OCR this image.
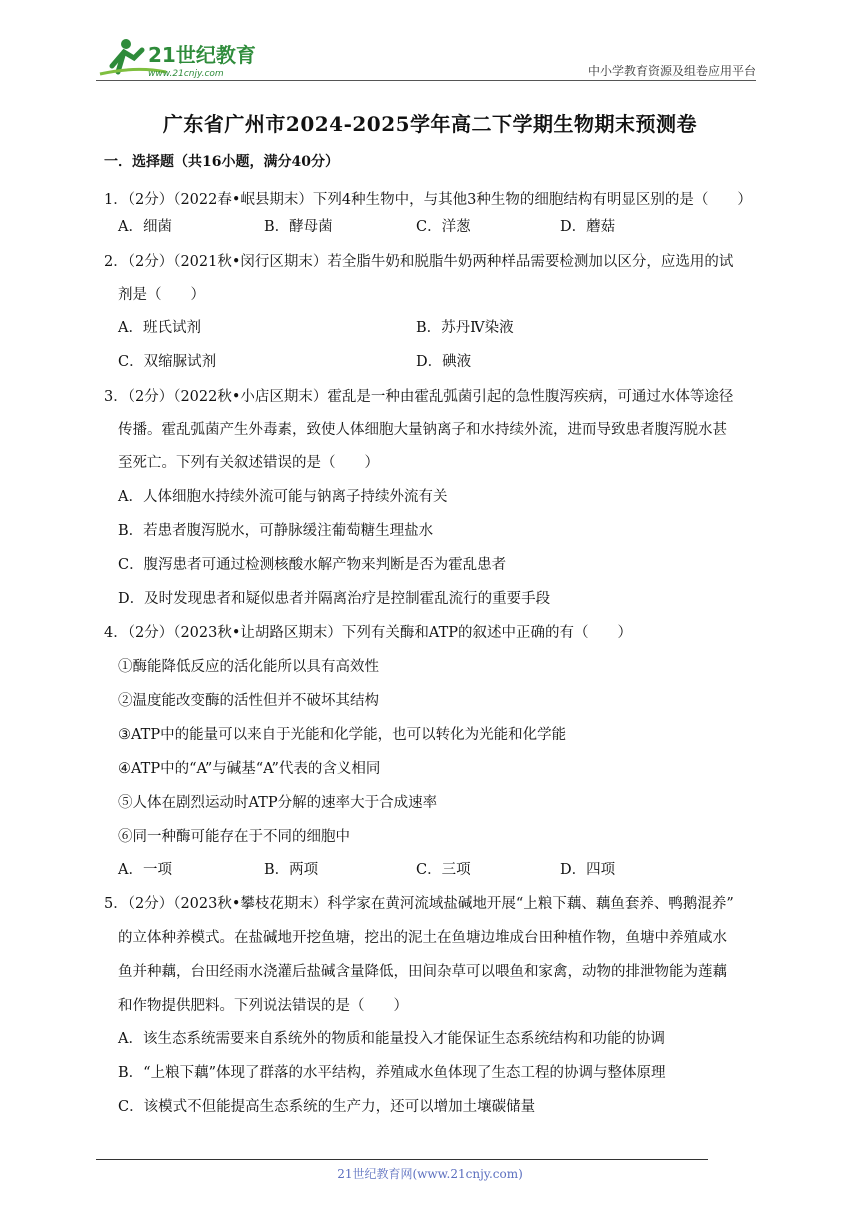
21世纪教育
www.21cnjy.com	中小学教育资源及组卷应用平台
广东省广州市2024-2025学年高二下学期生物期末预测卷
一．选择题（共16小题，满分40分）
1．（2分）（2022春•岷县期末）下列4种生物中，与其他3种生物的细胞结构有明显区别的是（　　）
A．细菌	B．酵母菌	C．洋葱	D．蘑菇
2．（2分）（2021秋•闵行区期末）若全脂牛奶和脱脂牛奶两种样品需要检测加以区分，应选用的试
剂是（　　）
A．班氏试剂	B．苏丹Ⅳ染液
C．双缩脲试剂	D．碘液
3．（2分）（2022秋•小店区期末）霍乱是一种由霍乱弧菌引起的急性腹泻疾病，可通过水体等途径
传播。霍乱弧菌产生外毒素，致使人体细胞大量钠离子和水持续外流，进而导致患者腹泻脱水甚
至死亡。下列有关叙述错误的是（　　）
A．人体细胞水持续外流可能与钠离子持续外流有关
B．若患者腹泻脱水，可静脉缓注葡萄糖生理盐水
C．腹泻患者可通过检测核酸水解产物来判断是否为霍乱患者
D．及时发现患者和疑似患者并隔离治疗是控制霍乱流行的重要手段
4．（2分）（2023秋•让胡路区期末）下列有关酶和ATP的叙述中正确的有（　　）
①酶能降低反应的活化能所以具有高效性
②温度能改变酶的活性但并不破坏其结构
③ATP中的能量可以来自于光能和化学能，也可以转化为光能和化学能
④ATP中的“A”与碱基“A”代表的含义相同
⑤人体在剧烈运动时ATP分解的速率大于合成速率
⑥同一种酶可能存在于不同的细胞中
A．一项	B．两项	C．三项	D．四项
5．（2分）（2023秋•攀枝花期末）科学家在黄河流域盐碱地开展“上粮下藕、藕鱼套养、鸭鹅混养”
的立体种养模式。在盐碱地开挖鱼塘，挖出的泥土在鱼塘边堆成台田种植作物，鱼塘中养殖咸水
鱼并种藕，台田经雨水浇灌后盐碱含量降低，田间杂草可以喂鱼和家禽，动物的排泄物能为莲藕
和作物提供肥料。下列说法错误的是（　　）
A．该生态系统需要来自系统外的物质和能量投入才能保证生态系统结构和功能的协调
B．“上粮下藕”体现了群落的水平结构，养殖咸水鱼体现了生态工程的协调与整体原理
C．该模式不但能提高生态系统的生产力，还可以增加土壤碳储量
21世纪教育网(www.21cnjy.com)
